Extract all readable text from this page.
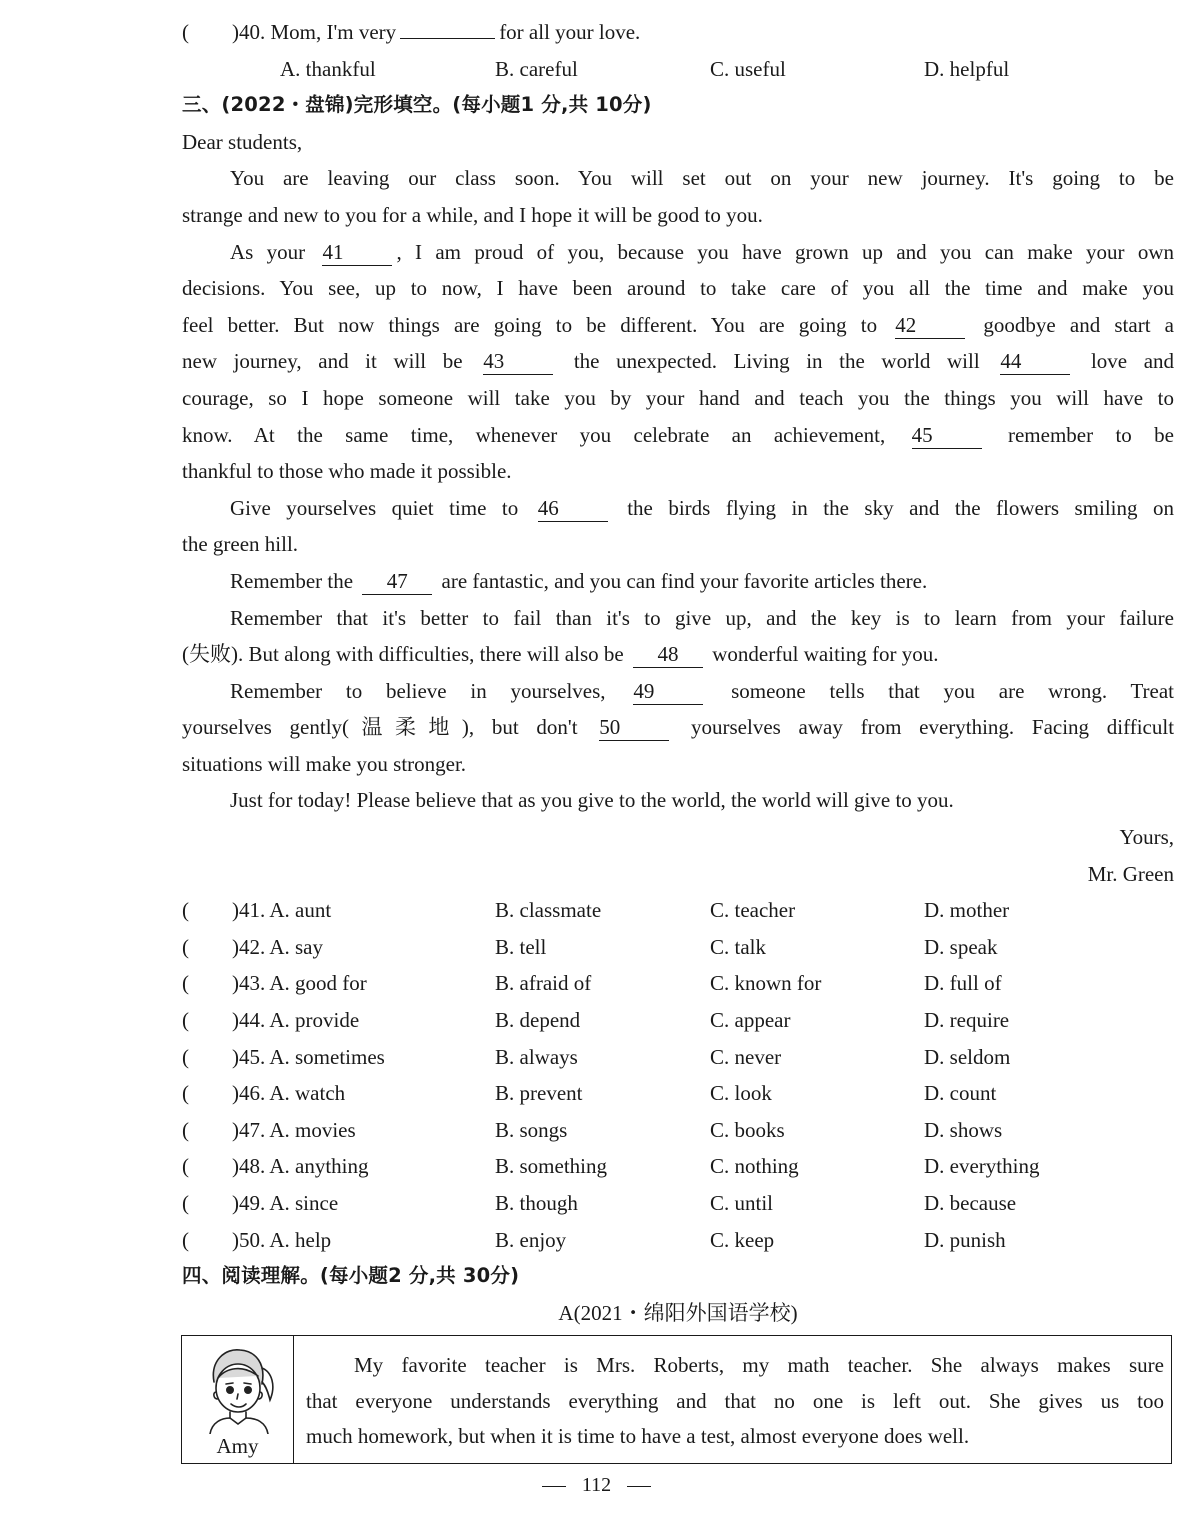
( )40. Mom, I'm very	for all your love.
A. thankful	B. careful	C. useful	D. helpful
三、(2022・盘锦)完形填空。(每小题1 分,共 10分)
Dear students,
You are leaving our class soon. You will set out on your new journey. It's going to be
strange and new to you for a while, and I hope it will be good to you.
As your 41	, I am proud of you, because you have grown up and you can make your own
decisions. You see, up to now, I have been around to take care of you all the time and make you
feel better. But now things are going to be different. You are going to 42	goodbye and start a
new journey, and it will be 43	the unexpected. Living in the world will 44	love and
courage, so I hope someone will take you by your hand and teach you the things you will have to
know. At the same time, whenever you celebrate an achievement, 45	remember to be
thankful to those who made it possible.
Give yourselves quiet time to 46	the birds flying in the sky and the flowers smiling on
the green hill.
Remember the 47 are fantastic, and you can find your favorite articles there.
Remember that it's better to fail than it's to give up, and the key is to learn from your failure
(失败). But along with difficulties, there will also be 48 wonderful waiting for you.
Remember to believe in yourselves, 49	someone tells that you are wrong. Treat
yourselves gently(温柔地), but don't 50	yourselves away from everything. Facing difficult
situations will make you stronger.
Just for today! Please believe that as you give to the world, the world will give to you.
Yours,
Mr. Green
( )41. A. aunt	B. classmate	C. teacher	D. mother
( )42. A. say	B. tell	C. talk	D. speak
( )43. A. good for	B. afraid of	C. known for	D. full of
( )44. A. provide	B. depend	C. appear	D. require
( )45. A. sometimes	B. always	C. never	D. seldom
( )46. A. watch	B. prevent	C. look	D. count
( )47. A. movies	B. songs	C. books	D. shows
( )48. A. anything	B. something	C. nothing	D. everything
( )49. A. since	B. though	C. until	D. because
( )50. A. help	B. enjoy	C. keep	D. punish
四、阅读理解。(每小题2 分,共 30分)
A(2021・绵阳外国语学校)
Amy
My favorite teacher is Mrs. Roberts, my math teacher. She always makes sure
that everyone understands everything and that no one is left out. She gives us too
much homework, but when it is time to have a test, almost everyone does well.
112
